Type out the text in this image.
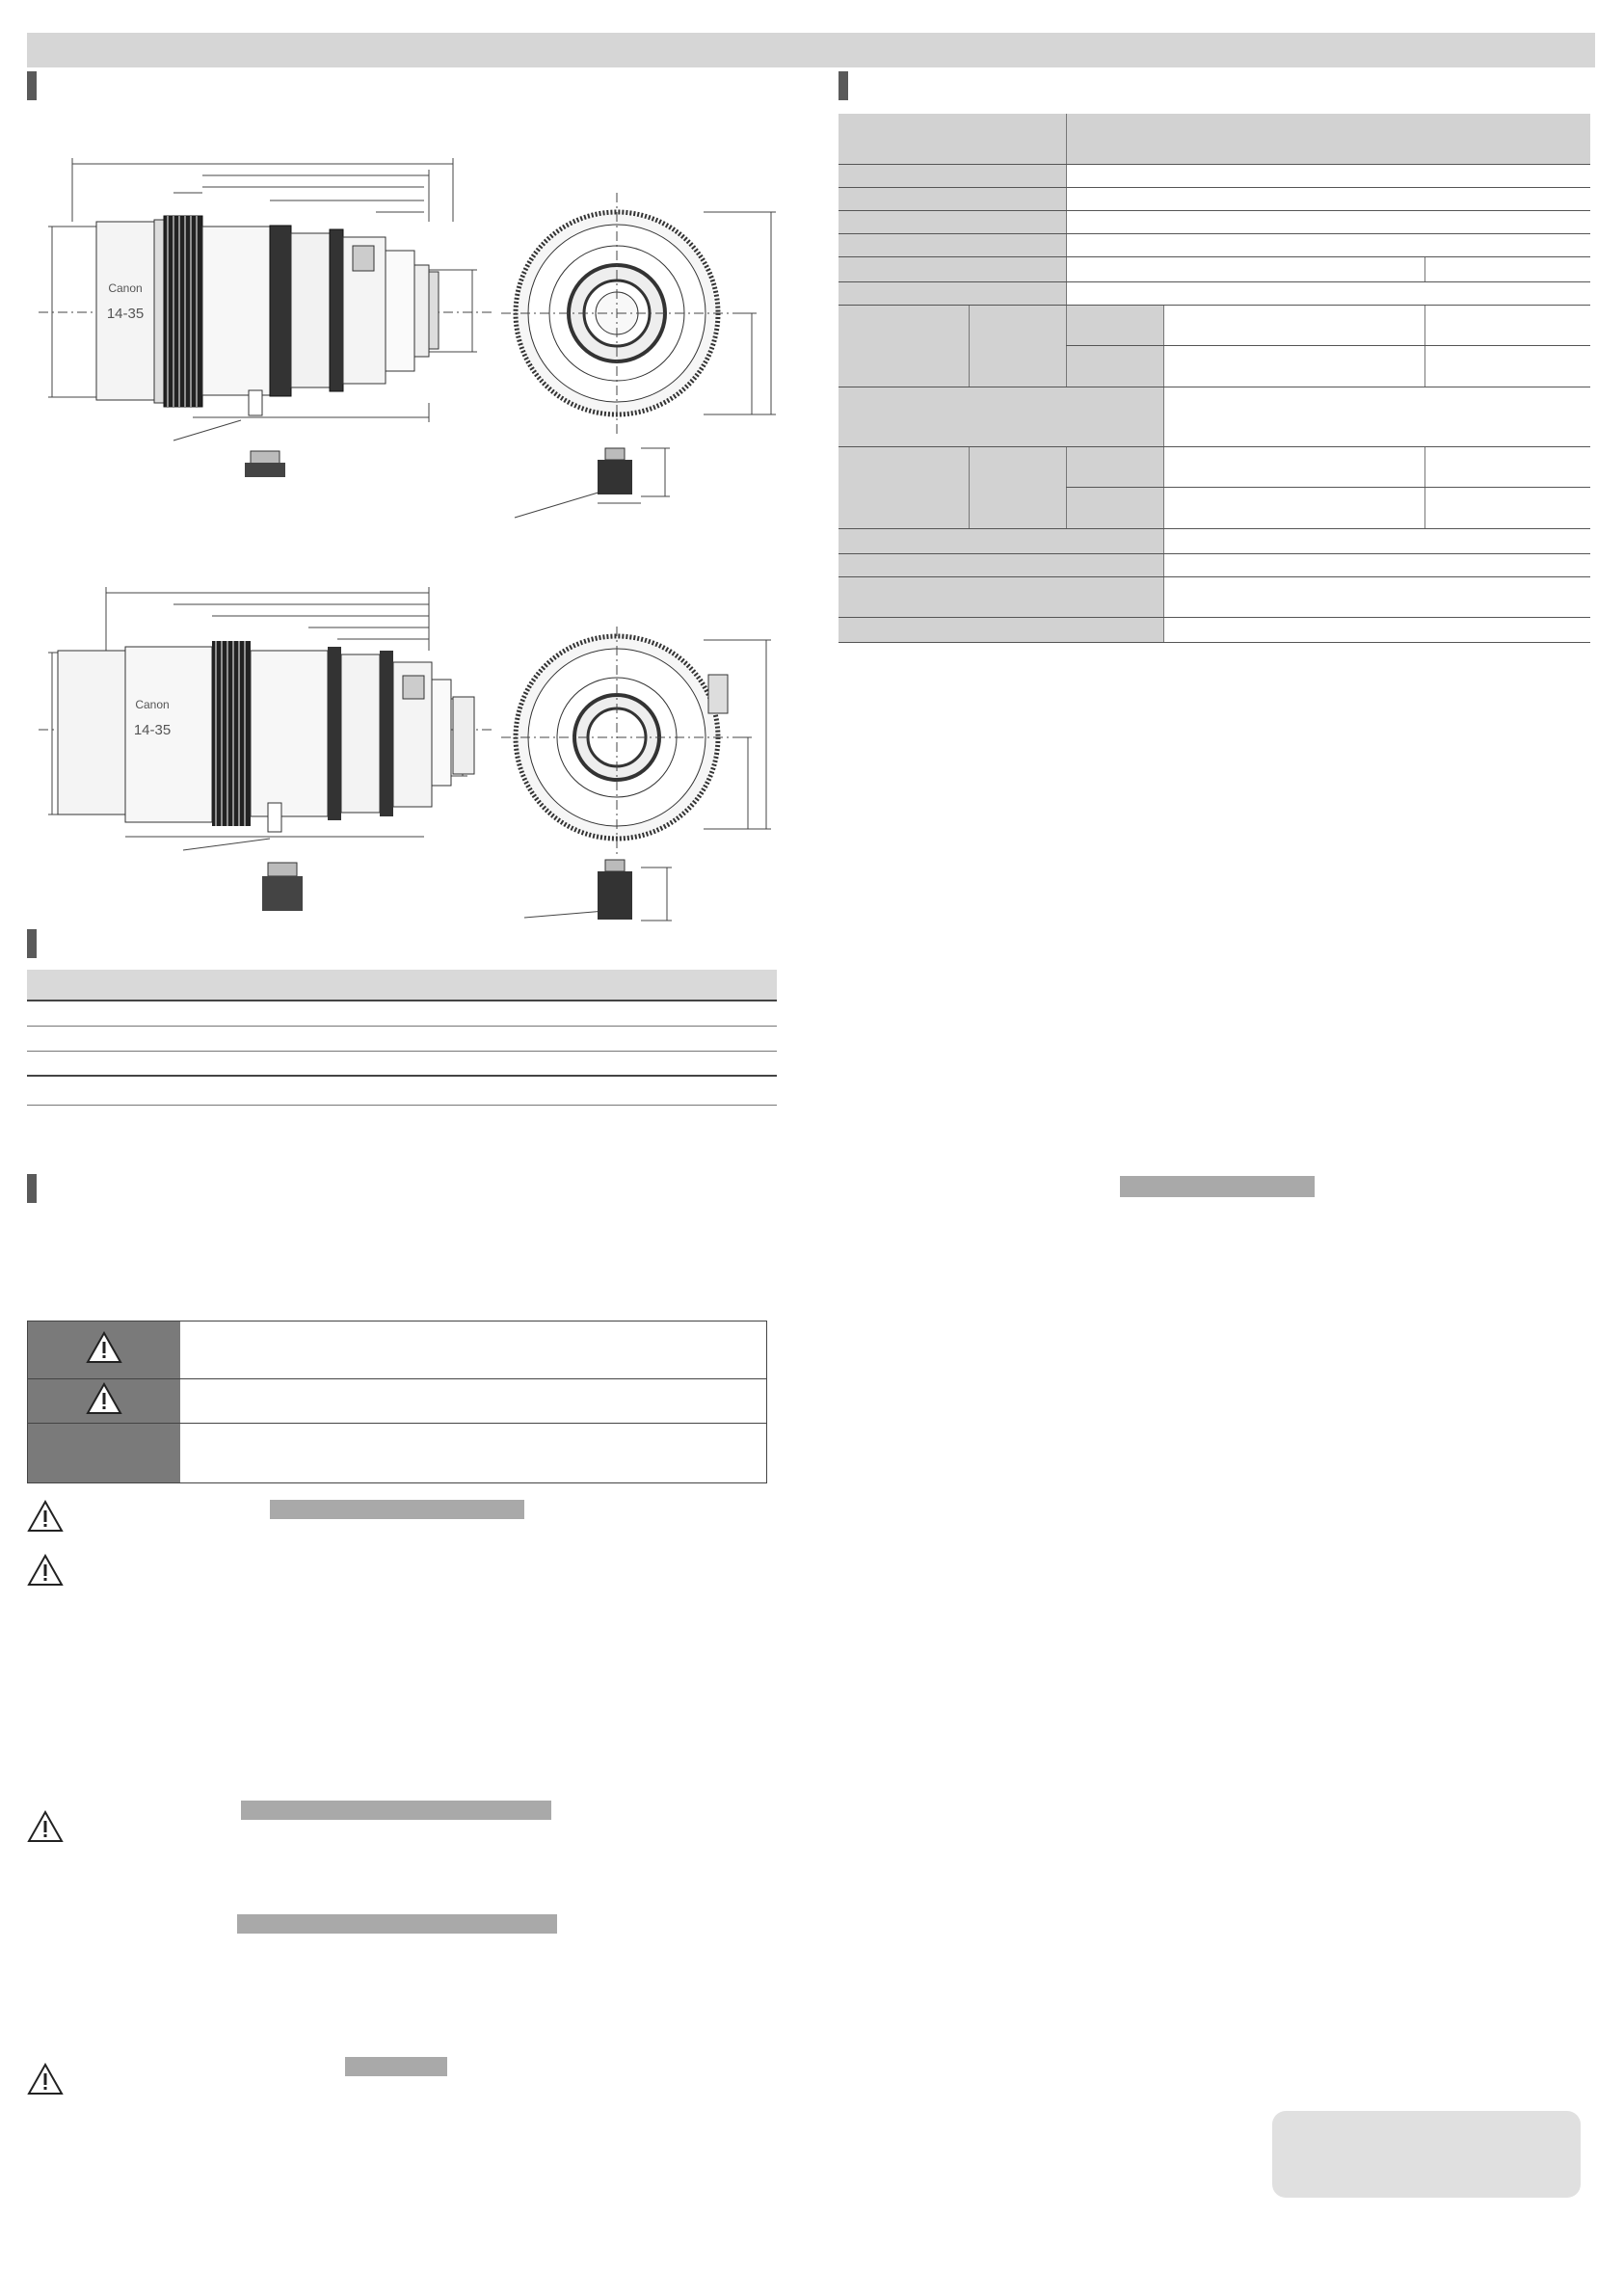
Canon
14-35
Canon
14-35
